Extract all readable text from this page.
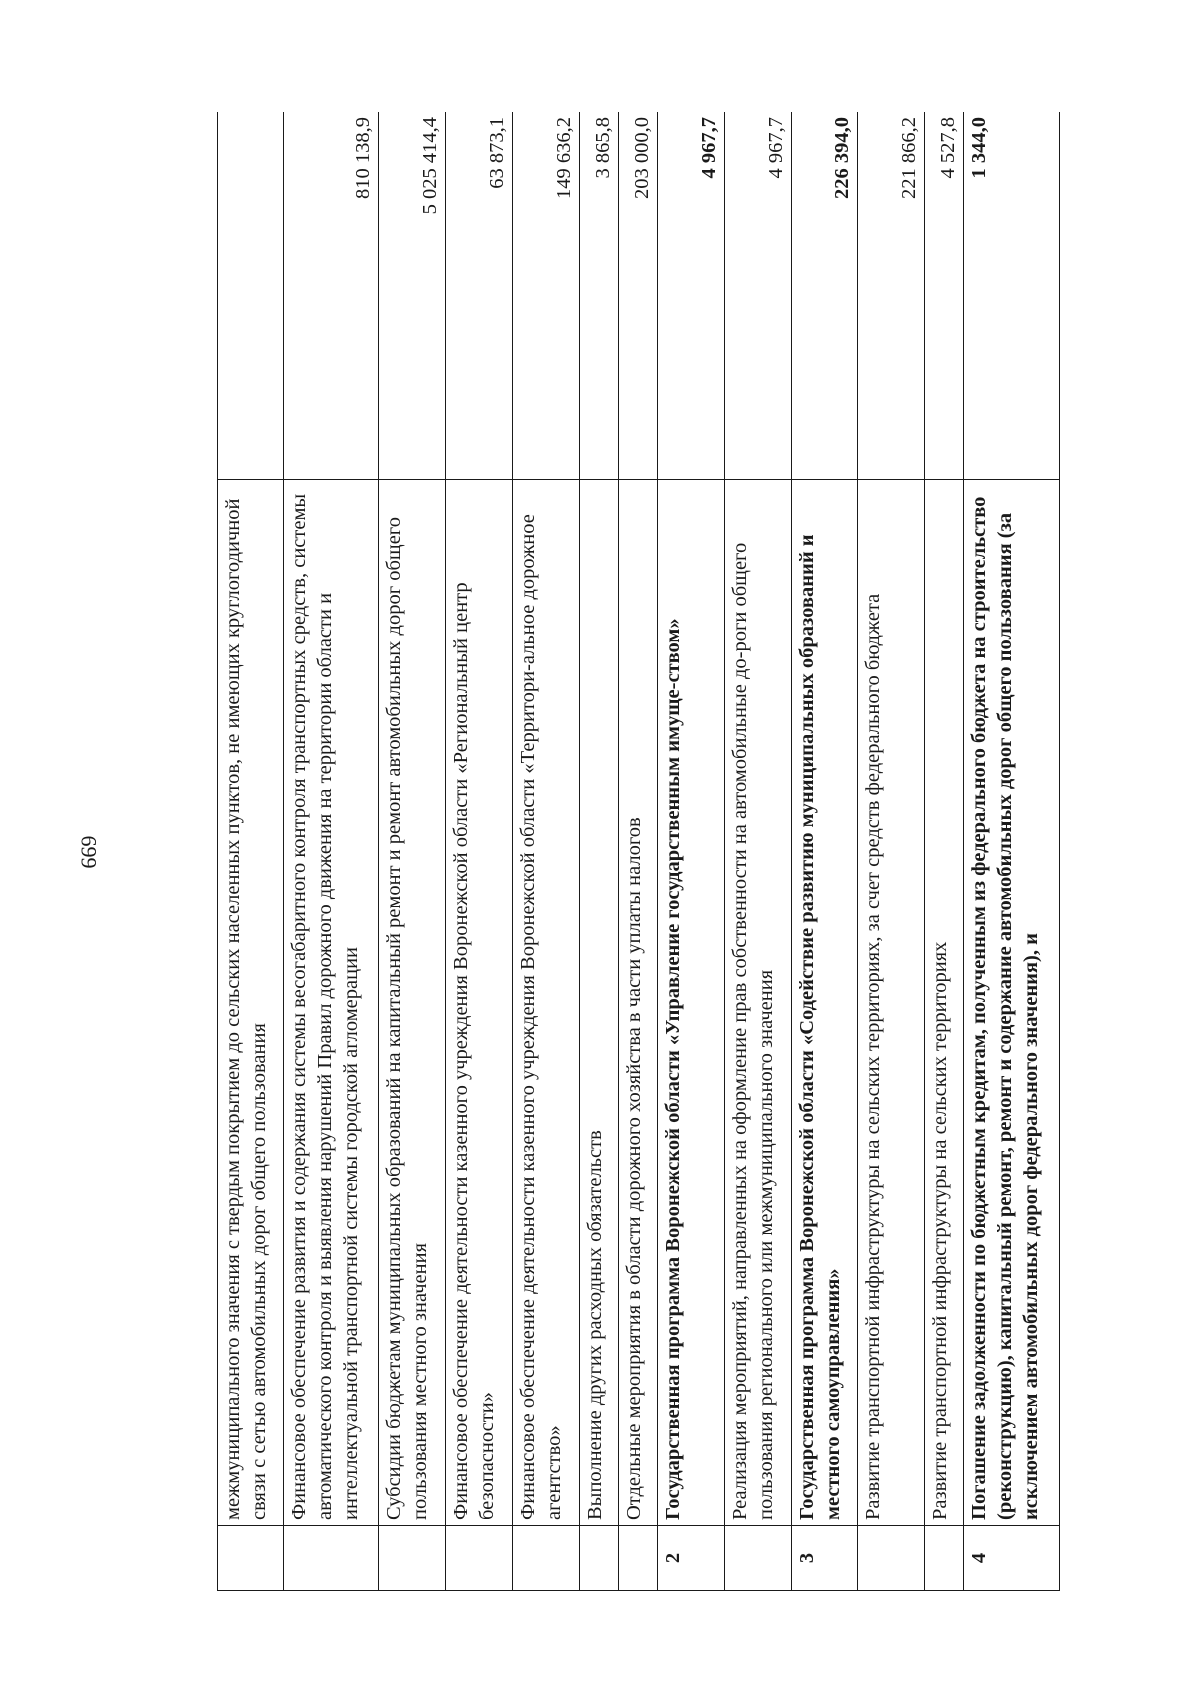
699
		межмуниципального значения с твердым покрытием до сельских населенных пунктов, не имеющих круглогодичной связи с сетью автомобильных дорог общего пользования	
	Финансовое обеспечение развития и содержания системы весогабаритного контроля транспортных средств, системы автоматического контроля и выявления нарушений Правил дорожного движения на территории области и интеллектуальной транспортной системы городской агломерации	810 138,9
	Субсидии бюджетам муниципальных образований на капитальный ремонт и ремонт автомобильных дорог общего пользования местного значения	5 025 414,4
	Финансовое обеспечение деятельности казенного учреждения Воронежской области «Региональный центр безопасности»	63 873,1
	Финансовое обеспечение деятельности казенного учреждения Воронежской области «Территори-альное дорожное агентство»	149 636,2
	Выполнение других расходных обязательств	3 865,8
	Отдельные мероприятия в области дорожного хозяйства в части уплаты налогов	203 000,0
2	Государственная программа Воронежской области «Управление государственным имуще-ством»	4 967,7
	Реализация мероприятий, направленных на оформление прав собственности на автомобильные до-роги общего пользования регионального или межмуниципального значения	4 967,7
3	Государственная программа Воронежской области «Содействие развитию муниципальных образований и местного самоуправления»	226 394,0
	Развитие транспортной инфраструктуры на сельских территориях, за счет средств федерального бюджета	221 866,2
	Развитие транспортной инфраструктуры на сельских территориях	4 527,8
4	Погашение задолженности по бюджетным кредитам, полученным из федерального бюджета на строительство (реконструкцию), капитальный ремонт, ремонт и содержание автомобильных дорог общего пользования (за исключением автомобильных дорог федерального значения), и	1 344,0
